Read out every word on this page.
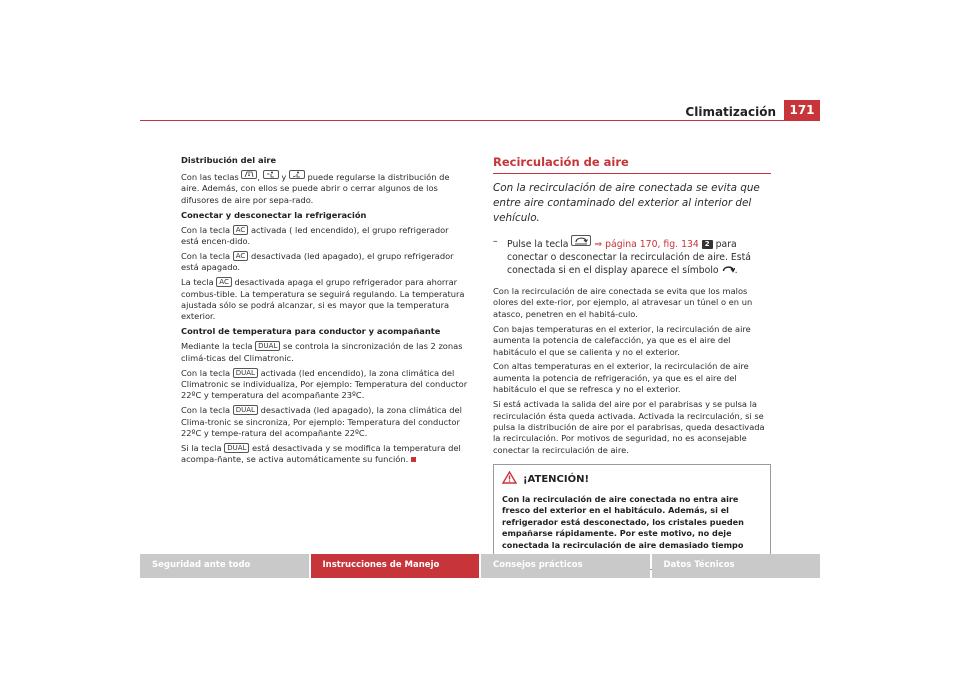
Climatización	171

Distribución del aire

Con las teclas ,	y	puede regularse la distribución de aire. Además, con ellos se puede abrir o cerrar algunos de los difusores de aire por sepa-rado.

Conectar y desconectar la refrigeración

Con la tecla AC activada ( led encendido), el grupo refrigerador está encen-dido.

Con la tecla AC desactivada (led apagado), el grupo refrigerador está apagado.

La tecla AC desactivada apaga el grupo refrigerador para ahorrar combus-tible. La temperatura se seguirá regulando. La temperatura ajustada sólo se podrá alcanzar, si es mayor que la temperatura exterior.

Control de temperatura para conductor y acompañante

Mediante la tecla DUAL se controla la sincronización de las 2 zonas climá-ticas del Climatronic.

Con la tecla DUAL activada (led encendido), la zona climática del Climatronic se individualiza, Por ejemplo: Temperatura del conductor 22ºC y temperatura del acompañante 23ºC.

Con la tecla DUAL desactivada (led apagado), la zona climática del Clima-tronic se sincroniza, Por ejemplo: Temperatura del conductor 22ºC y tempe-ratura del acompañante 22ºC.

Si la tecla DUAL está desactivada y se modifica la temperatura del acompa-ñante, se activa automáticamente su función.

Recirculación de aire
Con la recirculación de aire conectada se evita que entre aire contaminado del exterior al interior del vehículo.
–	Pulse la tecla	⇒ página 170, fig. 134 2 para conectar o desconectar la recirculación de aire. Está conectada si en el display aparece el símbolo .

Con la recirculación de aire conectada se evita que los malos olores del exte-rior, por ejemplo, al atravesar un túnel o en un atasco, penetren en el habitá-culo.

Con bajas temperaturas en el exterior, la recirculación de aire aumenta la potencia de calefacción, ya que es el aire del habitáculo el que se calienta y no el exterior.

Con altas temperaturas en el exterior, la recirculación de aire aumenta la potencia de refrigeración, ya que es el aire del habitáculo el que se refresca y no el exterior.

Si está activada la salida del aire por el parabrisas y se pulsa la recirculación ésta queda activada. Activada la recirculación, si se pulsa la distribución de aire por el parabrisas, queda desactivada la recirculación. Por motivos de seguridad, no es aconsejable conectar la recirculación de aire.

¡ATENCIÓN!
Con la recirculación de aire conectada no entra aire fresco del exterior en el habitáculo. Además, si el refrigerador está desconectado, los cristales pueden empañarse rápidamente. Por este motivo, no deje conectada la recirculación de aire demasiado tiempo
Seguridad ante todo	Instrucciones de Manejo	Consejos prácticos	Datos Técnicos
